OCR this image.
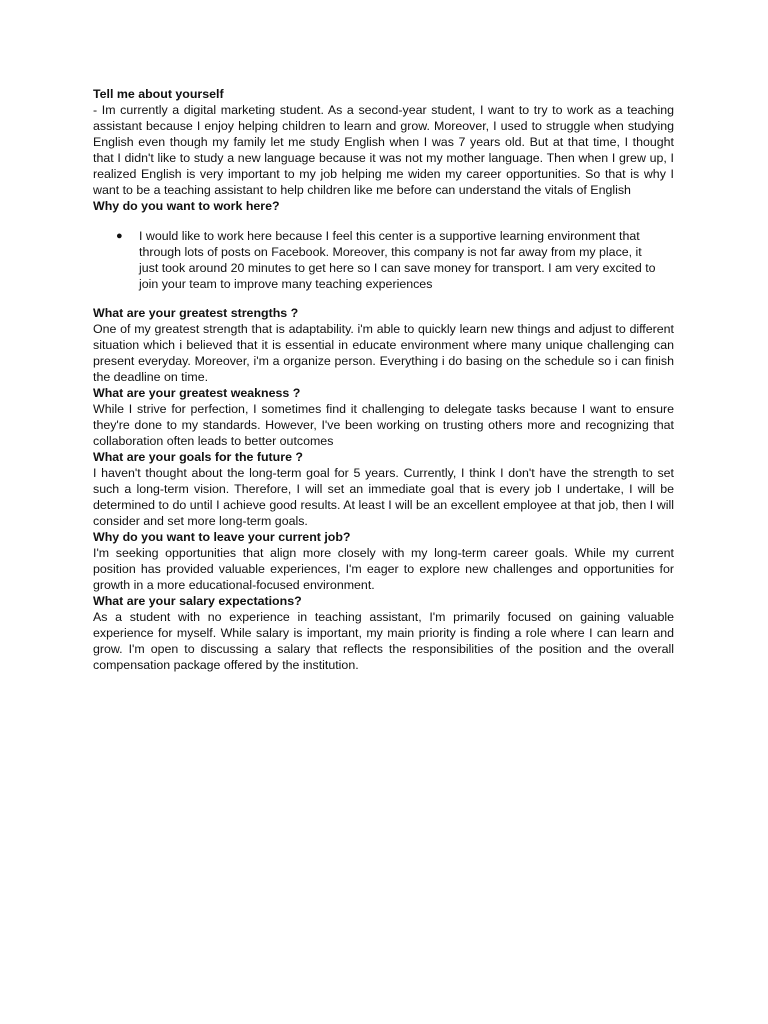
Tell me about yourself

- Im currently a digital marketing student. As a second-year student, I want to try to work as a teaching assistant because I enjoy helping children to learn and grow. Moreover, I used to struggle when studying English even though my family let me study English when I was 7 years old. But at that time, I thought that I didn't like to study a new language because it was not my mother language. Then when I grew up, I realized English is very important to my job helping me widen my career opportunities. So that is why I want to be a teaching assistant to help children like me before can understand the vitals of English

Why do you want to work here?

● I would like to work here because I feel this center is a supportive learning environment that through lots of posts on Facebook. Moreover, this company is not far away from my place, it just took around 20 minutes to get here so I can save money for transport. I am very excited to join your team to improve many teaching experiences

What are your greatest strengths ?

One of my greatest strength that is adaptability. i'm able to quickly learn new things and adjust to different situation which i believed that it is essential in educate environment where many unique challenging can present everyday. Moreover, i'm a organize person. Everything i do basing on the schedule so i can finish the deadline on time.

What are your greatest weakness ?

While I strive for perfection, I sometimes find it challenging to delegate tasks because I want to ensure they're done to my standards. However, I've been working on trusting others more and recognizing that collaboration often leads to better outcomes

What are your goals for the future ?

I haven't thought about the long-term goal for 5 years. Currently, I think I don't have the strength to set such a long-term vision. Therefore, I will set an immediate goal that is every job I undertake, I will be determined to do until I achieve good results. At least I will be an excellent employee at that job, then I will consider and set more long-term goals.

Why do you want to leave your current job?

I'm seeking opportunities that align more closely with my long-term career goals. While my current position has provided valuable experiences, I'm eager to explore new challenges and opportunities for growth in a more educational-focused environment.

What are your salary expectations?

As a student with no experience in teaching assistant, I'm primarily focused on gaining valuable experience for myself. While salary is important, my main priority is finding a role where I can learn and grow. I'm open to discussing a salary that reflects the responsibilities of the position and the overall compensation package offered by the institution.
